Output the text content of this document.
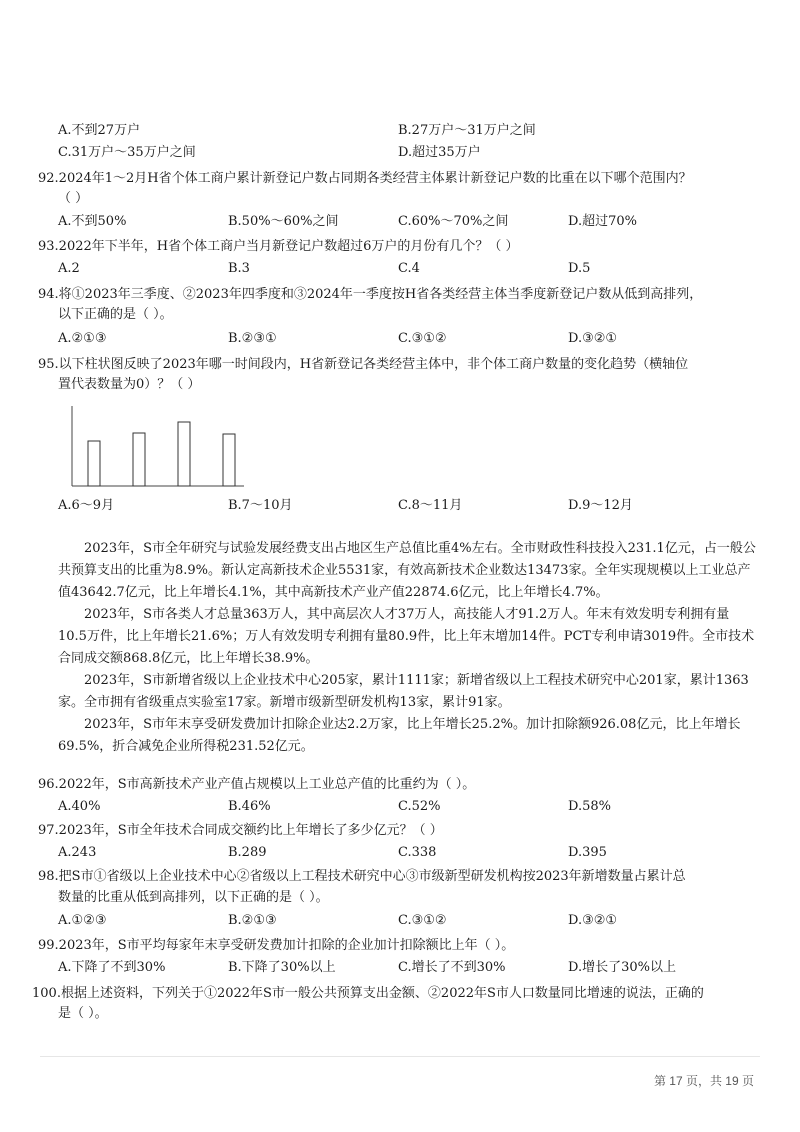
A.不到27万户	B.27万户～31万户之间
C.31万户～35万户之间	D.超过35万户
92.2024年1～2月H省个体工商户累计新登记户数占同期各类经营主体累计新登记户数的比重在以下哪个范围内？
（ ）
A.不到50%	B.50%～60%之间	C.60%～70%之间	D.超过70%
93.2022年下半年，H省个体工商户当月新登记户数超过6万户的月份有几个？（ ）
A.2	B.3	C.4	D.5
94.将①2023年三季度、②2023年四季度和③2024年一季度按H省各类经营主体当季度新登记户数从低到高排列，
以下正确的是（ ）。
A.②①③	B.②③①	C.③①②	D.③②①
95.以下柱状图反映了2023年哪一时间段内，H省新登记各类经营主体中，非个体工商户数量的变化趋势（横轴位
置代表数量为0）？（ ）
A.6～9月	B.7～10月	C.8～11月	D.9～12月
2023年，S市全年研究与试验发展经费支出占地区生产总值比重4%左右。全市财政性科技投入231.1亿元，占一般公共预算支出的比重为8.9%。新认定高新技术企业5531家，有效高新技术企业数达13473家。全年实现规模以上工业总产值43642.7亿元，比上年增长4.1%，其中高新技术产业产值22874.6亿元，比上年增长4.7%。
2023年，S市各类人才总量363万人，其中高层次人才37万人，高技能人才91.2万人。年末有效发明专利拥有量10.5万件，比上年增长21.6%；万人有效发明专利拥有量80.9件，比上年末增加14件。PCT专利申请3019件。全市技术合同成交额868.8亿元，比上年增长38.9%。
2023年，S市新增省级以上企业技术中心205家，累计1111家；新增省级以上工程技术研究中心201家，累计1363家。全市拥有省级重点实验室17家。新增市级新型研发机构13家，累计91家。
2023年，S市年末享受研发费加计扣除企业达2.2万家，比上年增长25.2%。加计扣除额926.08亿元，比上年增长69.5%，折合减免企业所得税231.52亿元。
96.2022年，S市高新技术产业产值占规模以上工业总产值的比重约为（ ）。
A.40%	B.46%	C.52%	D.58%
97.2023年，S市全年技术合同成交额约比上年增长了多少亿元？（ ）
A.243	B.289	C.338	D.395
98.把S市①省级以上企业技术中心②省级以上工程技术研究中心③市级新型研发机构按2023年新增数量占累计总
数量的比重从低到高排列，以下正确的是（ ）。
A.①②③	B.②①③	C.③①②	D.③②①
99.2023年，S市平均每家年末享受研发费加计扣除的企业加计扣除额比上年（ ）。
A.下降了不到30%	B.下降了30%以上	C.增长了不到30%	D.增长了30%以上
100.根据上述资料，下列关于①2022年S市一般公共预算支出金额、②2022年S市人口数量同比增速的说法，正确的
是（ ）。
第 17 页，共 19 页
